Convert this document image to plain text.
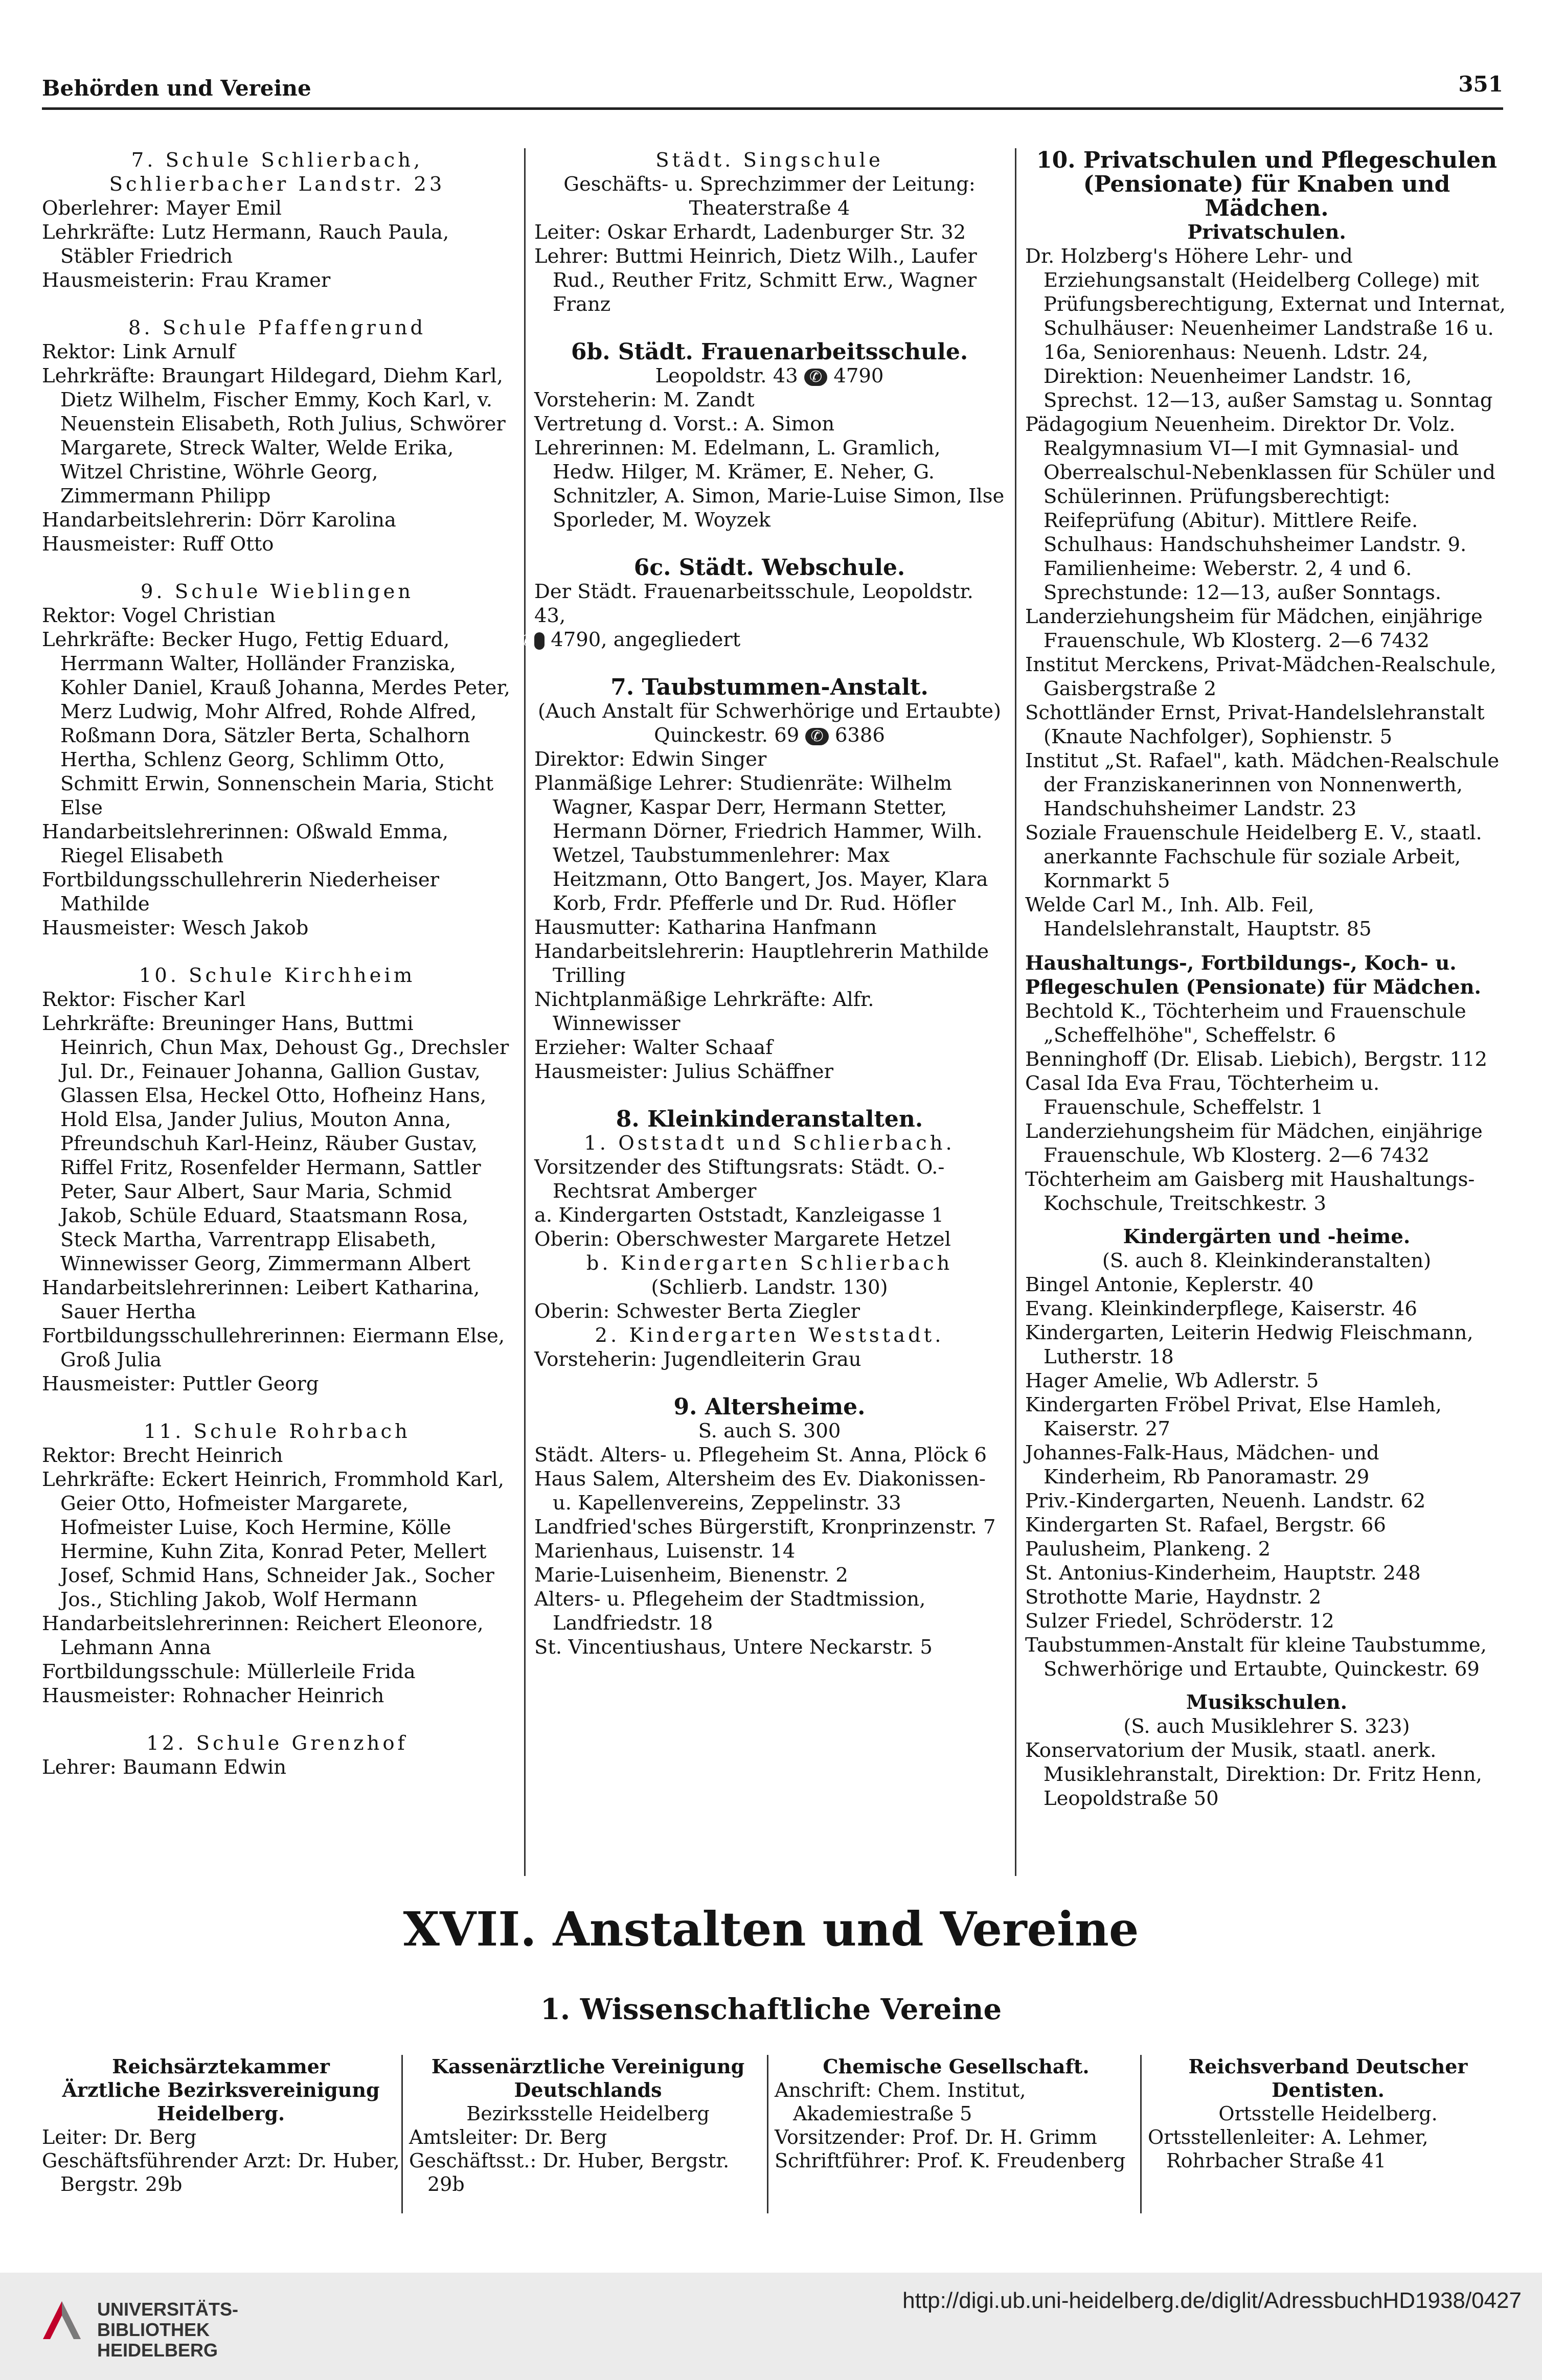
Behörden und Vereine	351
7. Schule Schlierbach,
Schlierbacher Landstr. 23
Oberlehrer: Mayer Emil
Lehrkräfte: Lutz Hermann, Rauch Paula, Stäbler Friedrich
Hausmeisterin: Frau Kramer
8. Schule Pfaffengrund
Rektor: Link Arnulf
Lehrkräfte: Braungart Hildegard, Diehm Karl, Dietz Wilhelm, Fischer Emmy, Koch Karl, v. Neuenstein Elisabeth, Roth Julius, Schwörer Margarete, Streck Walter, Welde Erika, Witzel Christine, Wöhrle Georg, Zimmermann Philipp
Handarbeitslehrerin: Dörr Karolina
Hausmeister: Ruff Otto
9. Schule Wieblingen
Rektor: Vogel Christian
Lehrkräfte: Becker Hugo, Fettig Eduard, Herrmann Walter, Holländer Franziska, Kohler Daniel, Krauß Johanna, Merdes Peter, Merz Ludwig, Mohr Alfred, Rohde Alfred, Roßmann Dora, Sätzler Berta, Schalhorn Hertha, Schlenz Georg, Schlimm Otto, Schmitt Erwin, Sonnenschein Maria, Sticht Else
Handarbeitslehrerinnen: Oßwald Emma, Riegel Elisabeth
Fortbildungsschullehrerin Niederheiser Mathilde
Hausmeister: Wesch Jakob
10. Schule Kirchheim
Rektor: Fischer Karl
Lehrkräfte: Breuninger Hans, Buttmi Heinrich, Chun Max, Dehoust Gg., Drechsler Jul. Dr., Feinauer Johanna, Gallion Gustav, Glassen Elsa, Heckel Otto, Hofheinz Hans, Hold Elsa, Jander Julius, Mouton Anna, Pfreundschuh Karl-Heinz, Räuber Gustav, Riffel Fritz, Rosenfelder Hermann, Sattler Peter, Saur Albert, Saur Maria, Schmid Jakob, Schüle Eduard, Staatsmann Rosa, Steck Martha, Varrentrapp Elisabeth, Winnewisser Georg, Zimmermann Albert
Handarbeitslehrerinnen: Leibert Katharina, Sauer Hertha
Fortbildungsschullehrerinnen: Eiermann Else, Groß Julia
Hausmeister: Puttler Georg
11. Schule Rohrbach
Rektor: Brecht Heinrich
Lehrkräfte: Eckert Heinrich, Frommhold Karl, Geier Otto, Hofmeister Margarete, Hofmeister Luise, Koch Hermine, Kölle Hermine, Kuhn Zita, Konrad Peter, Mellert Josef, Schmid Hans, Schneider Jak., Socher Jos., Stichling Jakob, Wolf Hermann
Handarbeitslehrerinnen: Reichert Eleonore, Lehmann Anna
Fortbildungsschule: Müllerleile Frida
Hausmeister: Rohnacher Heinrich
12. Schule Grenzhof
Lehrer: Baumann Edwin
Städt. Singschule
Geschäfts- u. Sprechzimmer der Leitung: Theaterstraße 4
Leiter: Oskar Erhardt, Ladenburger Str. 32
Lehrer: Buttmi Heinrich, Dietz Wilh., Laufer Rud., Reuther Fritz, Schmitt Erw., Wagner Franz
6b. Städt. Frauenarbeitsschule.
Leopoldstr. 43 ✆ 4790
Vorsteherin: M. Zandt
Vertretung d. Vorst.: A. Simon
Lehrerinnen: M. Edelmann, L. Gramlich, Hedw. Hilger, M. Krämer, E. Neher, G. Schnitzler, A. Simon, Marie-Luise Simon, Ilse Sporleder, M. Woyzek
6c. Städt. Webschule.
Der Städt. Frauenarbeitsschule, Leopoldstr. 43,
✆ 4790, angegliedert
7. Taubstummen-Anstalt.
(Auch Anstalt für Schwerhörige und Ertaubte)
Quinckestr. 69 ✆ 6386
Direktor: Edwin Singer
Planmäßige Lehrer: Studienräte: Wilhelm Wagner, Kaspar Derr, Hermann Stetter, Hermann Dörner, Friedrich Hammer, Wilh. Wetzel, Taubstummenlehrer: Max Heitzmann, Otto Bangert, Jos. Mayer, Klara Korb, Frdr. Pfefferle und Dr. Rud. Höfler
Hausmutter: Katharina Hanfmann
Handarbeitslehrerin: Hauptlehrerin Mathilde Trilling
Nichtplanmäßige Lehrkräfte: Alfr. Winnewisser
Erzieher: Walter Schaaf
Hausmeister: Julius Schäffner
8. Kleinkinderanstalten.
1. Oststadt und Schlierbach.
Vorsitzender des Stiftungsrats: Städt. O.-Rechtsrat Amberger
a. Kindergarten Oststadt, Kanzleigasse 1
Oberin: Oberschwester Margarete Hetzel
b. Kindergarten Schlierbach
(Schlierb. Landstr. 130)
Oberin: Schwester Berta Ziegler
2. Kindergarten Weststadt.
Vorsteherin: Jugendleiterin Grau
9. Altersheime.
S. auch S. 300
Städt. Alters- u. Pflegeheim St. Anna, Plöck 6
Haus Salem, Altersheim des Ev. Diakonissen- u. Kapellenvereins, Zeppelinstr. 33
Landfried'sches Bürgerstift, Kronprinzenstr. 7
Marienhaus, Luisenstr. 14
Marie-Luisenheim, Bienenstr. 2
Alters- u. Pflegeheim der Stadtmission, Landfriedstr. 18
St. Vincentiushaus, Untere Neckarstr. 5
10. Privatschulen und Pflegeschulen (Pensionate) für Knaben und Mädchen.
Privatschulen.
Dr. Holzberg's Höhere Lehr- und Erziehungsanstalt (Heidelberg College) mit Prüfungsberechtigung, Externat und Internat, Schulhäuser: Neuenheimer Landstraße 16 u. 16a, Seniorenhaus: Neuenh. Ldstr. 24, Direktion: Neuenheimer Landstr. 16, Sprechst. 12—13, außer Samstag u. Sonntag
Pädagogium Neuenheim. Direktor Dr. Volz. Realgymnasium VI—I mit Gymnasial- und Oberrealschul-Nebenklassen für Schüler und Schülerinnen. Prüfungsberechtigt: Reifeprüfung (Abitur). Mittlere Reife. Schulhaus: Handschuhsheimer Landstr. 9. Familienheime: Weberstr. 2, 4 und 6. Sprechstunde: 12—13, außer Sonntags.
Landerziehungsheim für Mädchen, einjährige Frauenschule, Wb Klosterg. 2—6 7432
Institut Merckens, Privat-Mädchen-Realschule, Gaisbergstraße 2
Schottländer Ernst, Privat-Handelslehranstalt (Knaute Nachfolger), Sophienstr. 5
Institut „St. Rafael", kath. Mädchen-Realschule der Franziskanerinnen von Nonnenwerth, Handschuhsheimer Landstr. 23
Soziale Frauenschule Heidelberg E. V., staatl. anerkannte Fachschule für soziale Arbeit, Kornmarkt 5
Welde Carl M., Inh. Alb. Feil, Handelslehranstalt, Hauptstr. 85
Haushaltungs-, Fortbildungs-, Koch- u. Pflegeschulen (Pensionate) für Mädchen.
Bechtold K., Töchterheim und Frauenschule „Scheffelhöhe", Scheffelstr. 6
Benninghoff (Dr. Elisab. Liebich), Bergstr. 112
Casal Ida Eva Frau, Töchterheim u. Frauenschule, Scheffelstr. 1
Landerziehungsheim für Mädchen, einjährige Frauenschule, Wb Klosterg. 2—6 7432
Töchterheim am Gaisberg mit Haushaltungs-Kochschule, Treitschkestr. 3
Kindergärten und -heime.
(S. auch 8. Kleinkinderanstalten)
Bingel Antonie, Keplerstr. 40
Evang. Kleinkinderpflege, Kaiserstr. 46
Kindergarten, Leiterin Hedwig Fleischmann, Lutherstr. 18
Hager Amelie, Wb Adlerstr. 5
Kindergarten Fröbel Privat, Else Hamleh, Kaiserstr. 27
Johannes-Falk-Haus, Mädchen- und Kinderheim, Rb Panoramastr. 29
Priv.-Kindergarten, Neuenh. Landstr. 62
Kindergarten St. Rafael, Bergstr. 66
Paulusheim, Plankeng. 2
St. Antonius-Kinderheim, Hauptstr. 248
Strothotte Marie, Haydnstr. 2
Sulzer Friedel, Schröderstr. 12
Taubstummen-Anstalt für kleine Taubstumme, Schwerhörige und Ertaubte, Quinckestr. 69
Musikschulen.
(S. auch Musiklehrer S. 323)
Konservatorium der Musik, staatl. anerk. Musiklehranstalt, Direktion: Dr. Fritz Henn, Leopoldstraße 50
XVII. Anstalten und Vereine
1. Wissenschaftliche Vereine
Reichsärztekammer
Ärztliche Bezirksvereinigung Heidelberg.
Leiter: Dr. Berg
Geschäftsführender Arzt: Dr. Huber, Bergstr. 29b
Kassenärztliche Vereinigung Deutschlands
Bezirksstelle Heidelberg
Amtsleiter: Dr. Berg
Geschäftsst.: Dr. Huber, Bergstr. 29b
Chemische Gesellschaft.
Anschrift: Chem. Institut, Akademiestraße 5
Vorsitzender: Prof. Dr. H. Grimm
Schriftführer: Prof. K. Freudenberg
Reichsverband Deutscher Dentisten.
Ortsstelle Heidelberg.
Ortsstellenleiter: A. Lehmer, Rohrbacher Straße 41
UNIVERSITÄTS-
BIBLIOTHEK
HEIDELBERG
http://digi.ub.uni-heidelberg.de/diglit/AdressbuchHD1938/0427
